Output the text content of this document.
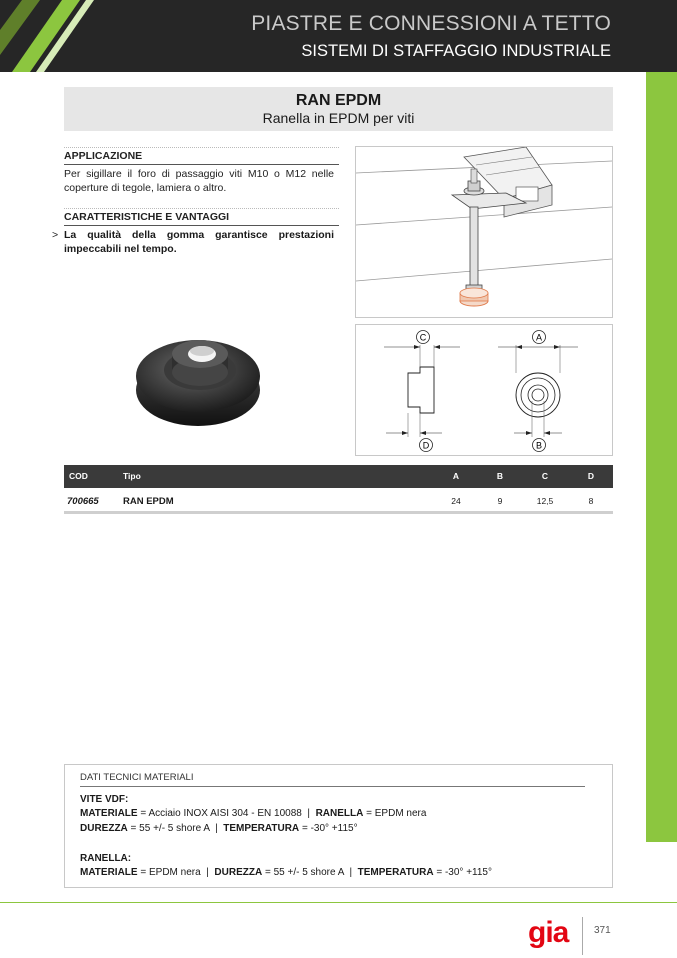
PIASTRE E CONNESSIONI A TETTO
SISTEMI DI STAFFAGGIO INDUSTRIALE
RAN EPDM
Ranella in EPDM per viti
APPLICAZIONE
Per sigillare il foro di passaggio viti M10 o M12 nelle coperture di tegole, lamiera o altro.
CARATTERISTICHE E VANTAGGI
> La qualità della gomma garantisce prestazioni impeccabili nel tempo.
C
D
A
B
COD	Tipo	A	B	C	D
700665	RAN EPDM	24	9	12,5	8
DATI TECNICI MATERIALI
VITE VDF:
MATERIALE = Acciaio INOX AISI 304 - EN 10088  |  RANELLA = EPDM nera
DUREZZA = 55 +/- 5 shore A  |  TEMPERATURA = -30° +115°
RANELLA:
MATERIALE = EPDM nera  |  DUREZZA = 55 +/- 5 shore A  |  TEMPERATURA = -30° +115°
gia	371
